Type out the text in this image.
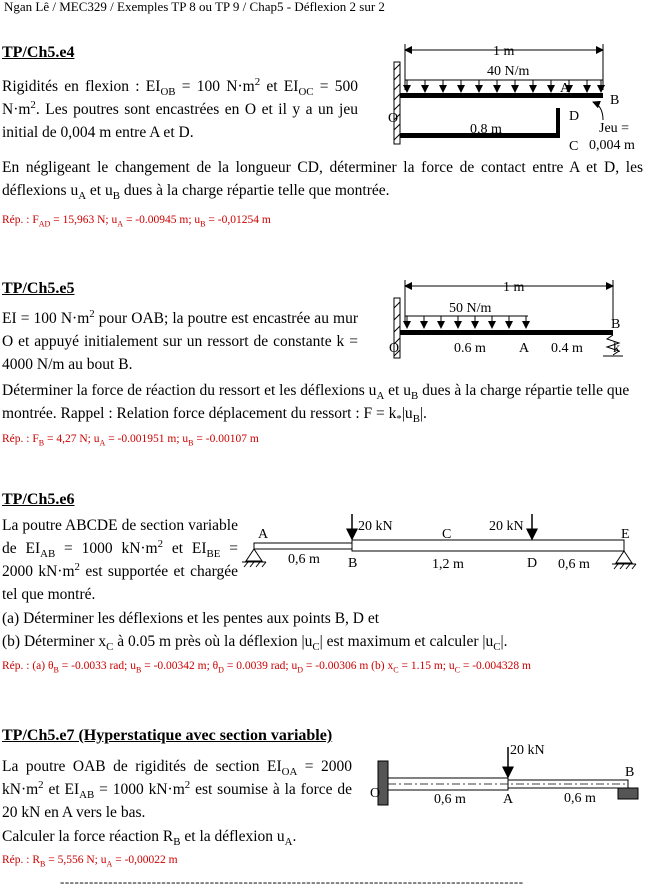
Ngan Lê / MEC329 / Exemples TP 8 ou TP 9 / Chap5 - Déflexion 2 sur 2
TP/Ch5.e4
Rigidités en flexion : $EI_{OB} = 100$ $N\cdot m^2$ et $EI_{OC} = 500$ $N\cdot m^2$. Les poutres sont encastrées en O et il y a un jeu initial de 0,004 m entre A et D.
En négligeant le changement de la longueur CD, déterminer la force de contact entre A et D, les déflexions $u_A$ et $u_B$ dues à la charge répartie telle que montrée.
Rép. : $F_{AD} = 15,963$ N; $u_A = -0.00945$ m; $u_B = -0,01254$ m
1 m
40 N/m
A
B
O	D
C
0,8 m	Jeu =
0,004 m
TP/Ch5.e5
EI = 100 $N\cdot m^2$ pour OAB; la poutre est encastrée au mur O et appuyé initialement sur un ressort de constante k = 4000 N/m au bout B.
Déterminer la force de réaction du ressort et les déflexions $u_A$ et $u_B$ dues à la charge répartie telle que montrée. Rappel : Relation force déplacement du ressort : $F = k_*|u_B|$.
Rép. : $F_B = 4,27$ N; $u_A = -0.001951$ m; $u_B = -0.00107$ m
1 m
50 N/m
O	0.6 m A 0.4 m
B
k
TP/Ch5.e6
La poutre ABCDE de section variable de $EI_{AB} = 1000$ $kN\cdot m^2$ et $EI_{BE} = 2000$ $kN\cdot m^2$ est supportée et chargée tel que montré.
(a) Déterminer les déflexions et les pentes aux points B, D et
(b) Déterminer $x_C$ à 0.05 m près où la déflexion $|u_C|$ est maximum et calculer $|u_C|$.
Rép. : (a) $\theta_B = -0.0033$ rad; $u_B = -0.00342$ m; $\theta_D = 0.0039$ rad; $u_D = -0.00306$ m (b) $x_C = 1.15$ m; $u_C = -0.004328$ m
20 kN	20 kN
A
B
C
D
E
0,6 m	1,2 m	0,6 m
TP/Ch5.e7 (Hyperstatique avec section variable)
La poutre OAB de rigidités de section $EI_{OA} = 2000$ $kN\cdot m^2$ et $EI_{AB} = 1000$ $kN\cdot m^2$ est soumise à la force de 20 kN en A vers le bas.
Calculer la force réaction $R_B$ et la déflexion $u_A$.
Rép. : $R_B = 5,556$ N; $u_A = -0,00022$ m
20 kN
O	A
B
0,6 m	0,6 m
------------------------------------------------------------------------------------------------
